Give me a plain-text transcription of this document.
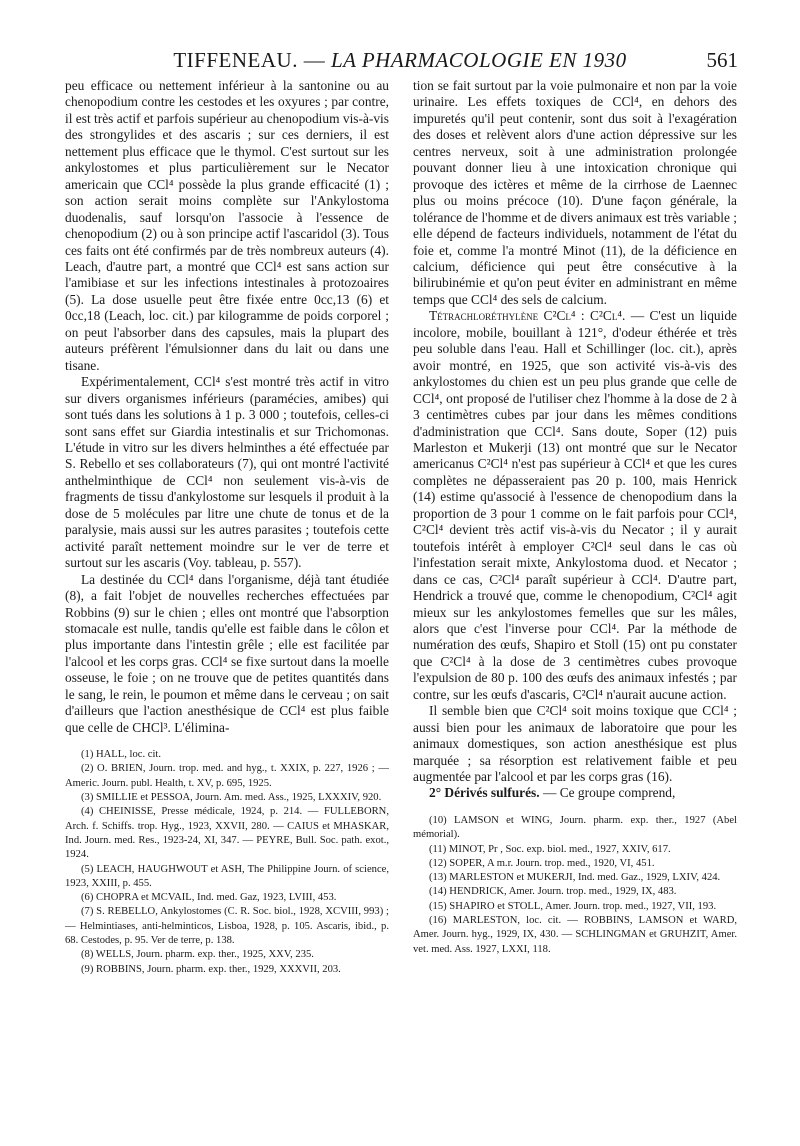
TIFFENEAU. — LA PHARMACOLOGIE EN 1930	561

peu efficace ou nettement inférieur à la santonine ou au chenopodium contre les cestodes et les oxyures ; par contre, il est très actif et parfois supérieur au chenopodium vis-à-vis des strongylides et des ascaris ; sur ces derniers, il est nettement plus efficace que le thymol. C'est surtout sur les ankylostomes et plus particulièrement sur le Necator americain que CCl⁴ possède la plus grande efficacité (1) ; son action serait moins complète sur l'Ankylostoma duodenalis, sauf lorsqu'on l'associe à l'essence de chenopodium (2) ou à son principe actif l'ascaridol (3). Tous ces faits ont été confirmés par de très nombreux auteurs (4). Leach, d'autre part, a montré que CCl⁴ est sans action sur l'amibiase et sur les infections intestinales à protozoaires (5). La dose usuelle peut être fixée entre 0cc,13 (6) et 0cc,18 (Leach, loc. cit.) par kilogramme de poids corporel ; on peut l'absorber dans des capsules, mais la plupart des auteurs préfèrent l'émulsionner dans du lait ou dans une tisane.

Expérimentalement, CCl⁴ s'est montré très actif in vitro sur divers organismes inférieurs (paramécies, amibes) qui sont tués dans les solutions à 1 p. 3 000 ; toutefois, celles-ci sont sans effet sur Giardia intestinalis et sur Trichomonas. L'étude in vitro sur les divers helminthes a été effectuée par S. Rebello et ses collaborateurs (7), qui ont montré l'activité anthelminthique de CCl⁴ non seulement vis-à-vis de fragments de tissu d'ankylostome sur lesquels il produit à la dose de 5 molécules par litre une chute de tonus et de la paralysie, mais aussi sur les autres parasites ; toutefois cette activité paraît nettement moindre sur le ver de terre et surtout sur les ascaris (Voy. tableau, p. 557).

La destinée du CCl⁴ dans l'organisme, déjà tant étudiée (8), a fait l'objet de nouvelles recherches effectuées par Robbins (9) sur le chien ; elles ont montré que l'absorption stomacale est nulle, tandis qu'elle est faible dans le côlon et plus importante dans l'intestin grêle ; elle est facilitée par l'alcool et les corps gras. CCl⁴ se fixe surtout dans la moelle osseuse, le foie ; on ne trouve que de petites quantités dans le sang, le rein, le poumon et même dans le cerveau ; on sait d'ailleurs que l'action anesthésique de CCl⁴ est plus faible que celle de CHCl³. L'élimina-

(1) HALL, loc. cit.

(2) O. BRIEN, Journ. trop. med. and hyg., t. XXIX, p. 227, 1926 ; — Americ. Journ. publ. Health, t. XV, p. 695, 1925.

(3) SMILLIE et PESSOA, Journ. Am. med. Ass., 1925, LXXXIV, 920.

(4) CHEINISSE, Presse médicale, 1924, p. 214. — FULLEBORN, Arch. f. Schiffs. trop. Hyg., 1923, XXVII, 280. — CAIUS et MHASKAR, Ind. Journ. med. Res., 1923-24, XI, 347. — PEYRE, Bull. Soc. path. exot., 1924.

(5) LEACH, HAUGHWOUT et ASH, The Philippine Journ. of science, 1923, XXIII, p. 455.

(6) CHOPRA et MCVAIL, Ind. med. Gaz, 1923, LVIII, 453.

(7) S. REBELLO, Ankylostomes (C. R. Soc. biol., 1928, XCVIII, 993) ; — Helmintiases, anti-helminticos, Lisboa, 1928, p. 105. Ascaris, ibid., p. 68. Cestodes, p. 95. Ver de terre, p. 138.

(8) WELLS, Journ. pharm. exp. ther., 1925, XXV, 235.

(9) ROBBINS, Journ. pharm. exp. ther., 1929, XXXVII, 203.

tion se fait surtout par la voie pulmonaire et non par la voie urinaire. Les effets toxiques de CCl⁴, en dehors des impuretés qu'il peut contenir, sont dus soit à l'exagération des doses et relèvent alors d'une action dépressive sur les centres nerveux, soit à une administration prolongée pouvant donner lieu à une intoxication chronique qui provoque des ictères et même de la cirrhose de Laennec plus ou moins précoce (10). D'une façon générale, la tolérance de l'homme et de divers animaux est très variable ; elle dépend de facteurs individuels, notamment de l'état du foie et, comme l'a montré Minot (11), de la déficience en calcium, déficience qui peut être consécutive à la bilirubinémie et qu'on peut éviter en administrant en même temps que CCl⁴ des sels de calcium.

Tétrachloréthylène C²Cl⁴ : C²Cl⁴. — C'est un liquide incolore, mobile, bouillant à 121°, d'odeur éthérée et très peu soluble dans l'eau. Hall et Schillinger (loc. cit.), après avoir montré, en 1925, que son activité vis-à-vis des ankylostomes du chien est un peu plus grande que celle de CCl⁴, ont proposé de l'utiliser chez l'homme à la dose de 2 à 3 centimètres cubes par jour dans les mêmes conditions d'administration que CCl⁴. Sans doute, Soper (12) puis Marleston et Mukerji (13) ont montré que sur le Necator americanus C²Cl⁴ n'est pas supérieur à CCl⁴ et que les cures complètes ne dépasseraient pas 20 p. 100, mais Henrick (14) estime qu'associé à l'essence de chenopodium dans la proportion de 3 pour 1 comme on le fait parfois pour CCl⁴, C²Cl⁴ devient très actif vis-à-vis du Necator ; il y aurait toutefois intérêt à employer C²Cl⁴ seul dans le cas où l'infestation serait mixte, Ankylostoma duod. et Necator ; dans ce cas, C²Cl⁴ paraît supérieur à CCl⁴. D'autre part, Hendrick a trouvé que, comme le chenopodium, C²Cl⁴ agit mieux sur les ankylostomes femelles que sur les mâles, alors que c'est l'inverse pour CCl⁴. Par la méthode de numération des œufs, Shapiro et Stoll (15) ont pu constater que C²Cl⁴ à la dose de 3 centimètres cubes provoque l'expulsion de 80 p. 100 des œufs des animaux infestés ; par contre, sur les œufs d'ascaris, C²Cl⁴ n'aurait aucune action.

Il semble bien que C²Cl⁴ soit moins toxique que CCl⁴ ; aussi bien pour les animaux de laboratoire que pour les animaux domestiques, son action anesthésique est plus marquée ; sa résorption est relativement faible et peu augmentée par l'alcool et par les corps gras (16).

2° Dérivés sulfurés. — Ce groupe comprend,

(10) LAMSON et WING, Journ. pharm. exp. ther., 1927 (Abel mémorial).

(11) MINOT, Pr , Soc. exp. biol. med., 1927, XXIV, 617.

(12) SOPER, A m.r. Journ. trop. med., 1920, VI, 451.

(13) MARLESTON et MUKERJI, Ind. med. Gaz., 1929, LXIV, 424.

(14) HENDRICK, Amer. Journ. trop. med., 1929, IX, 483.

(15) SHAPIRO et STOLL, Amer. Journ. trop. med., 1927, VII, 193.

(16) MARLESTON, loc. cit. — ROBBINS, LAMSON et WARD, Amer. Journ. hyg., 1929, IX, 430. — SCHLINGMAN et GRUHZIT, Amer. vet. med. Ass. 1927, LXXI, 118.
